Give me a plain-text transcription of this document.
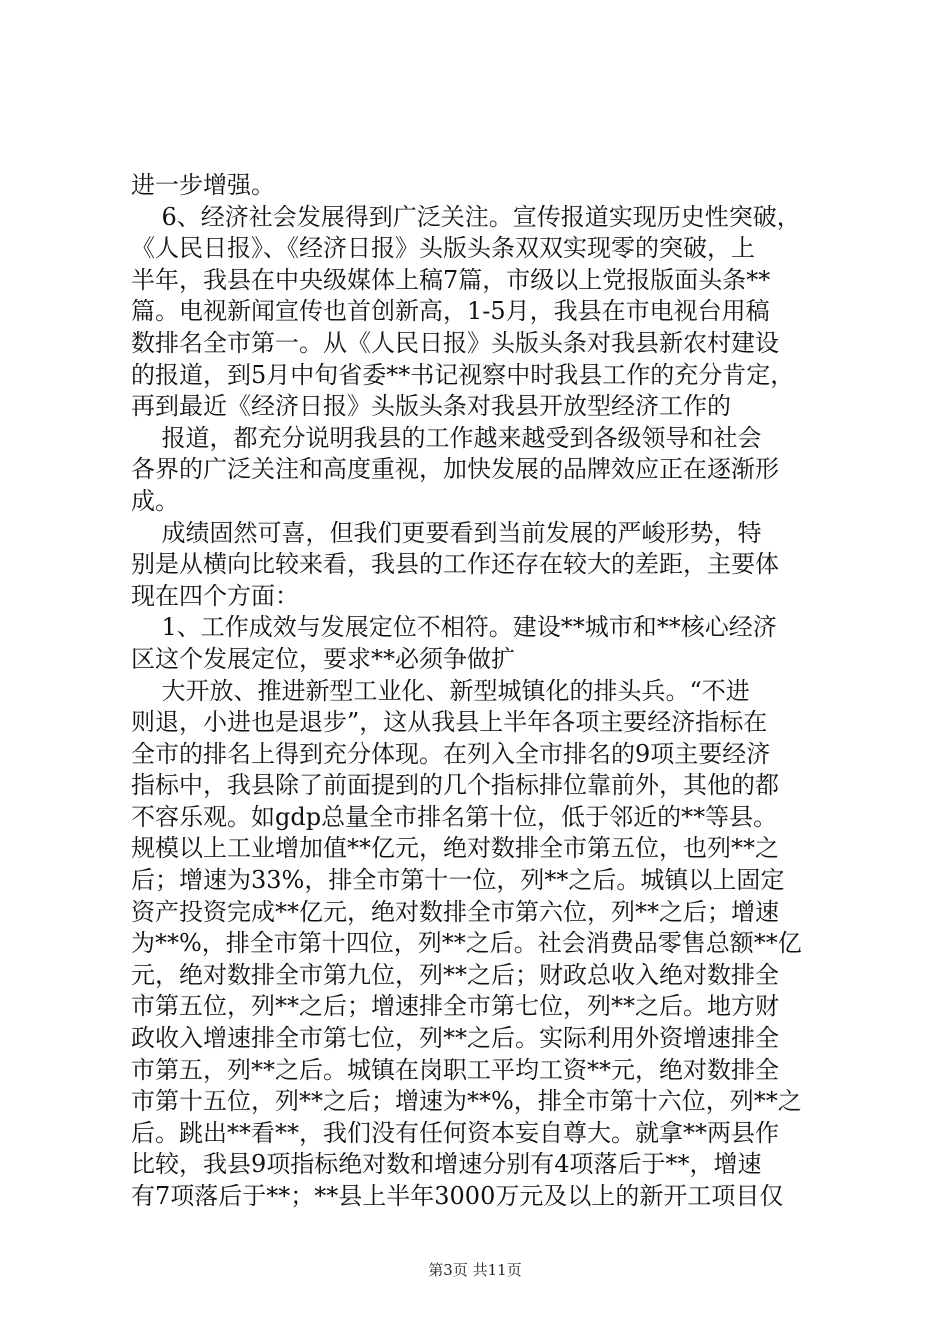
进一步增强。

6、经济社会发展得到广泛关注。宣传报道实现历史性突破，

《人民日报》、《经济日报》头版头条双双实现零的突破，上

半年，我县在中央级媒体上稿7篇，市级以上党报版面头条**

篇。电视新闻宣传也首创新高，1-5月，我县在市电视台用稿

数排名全市第一。从《人民日报》头版头条对我县新农村建设

的报道，到5月中旬省委**书记视察中时我县工作的充分肯定，

再到最近《经济日报》头版头条对我县开放型经济工作的

报道，都充分说明我县的工作越来越受到各级领导和社会

各界的广泛关注和高度重视，加快发展的品牌效应正在逐渐形

成。

成绩固然可喜，但我们更要看到当前发展的严峻形势，特

别是从横向比较来看，我县的工作还存在较大的差距，主要体

现在四个方面：

1、工作成效与发展定位不相符。建设**城市和**核心经济

区这个发展定位，要求**必须争做扩

大开放、推进新型工业化、新型城镇化的排头兵。“不进

则退，小进也是退步”，这从我县上半年各项主要经济指标在

全市的排名上得到充分体现。在列入全市排名的9项主要经济

指标中，我县除了前面提到的几个指标排位靠前外，其他的都

不容乐观。如gdp总量全市排名第十位，低于邻近的**等县。

规模以上工业增加值**亿元，绝对数排全市第五位，也列**之

后；增速为33%，排全市第十一位，列**之后。城镇以上固定

资产投资完成**亿元，绝对数排全市第六位，列**之后；增速

为**%，排全市第十四位，列**之后。社会消费品零售总额**亿

元，绝对数排全市第九位，列**之后；财政总收入绝对数排全

市第五位，列**之后；增速排全市第七位，列**之后。地方财

政收入增速排全市第七位，列**之后。实际利用外资增速排全

市第五，列**之后。城镇在岗职工平均工资**元，绝对数排全

市第十五位，列**之后；增速为**%，排全市第十六位，列**之

后。跳出**看**，我们没有任何资本妄自尊大。就拿**两县作

比较，我县9项指标绝对数和增速分别有4项落后于**，增速

有7项落后于**；**县上半年3000万元及以上的新开工项目仅

第3页 共11页
